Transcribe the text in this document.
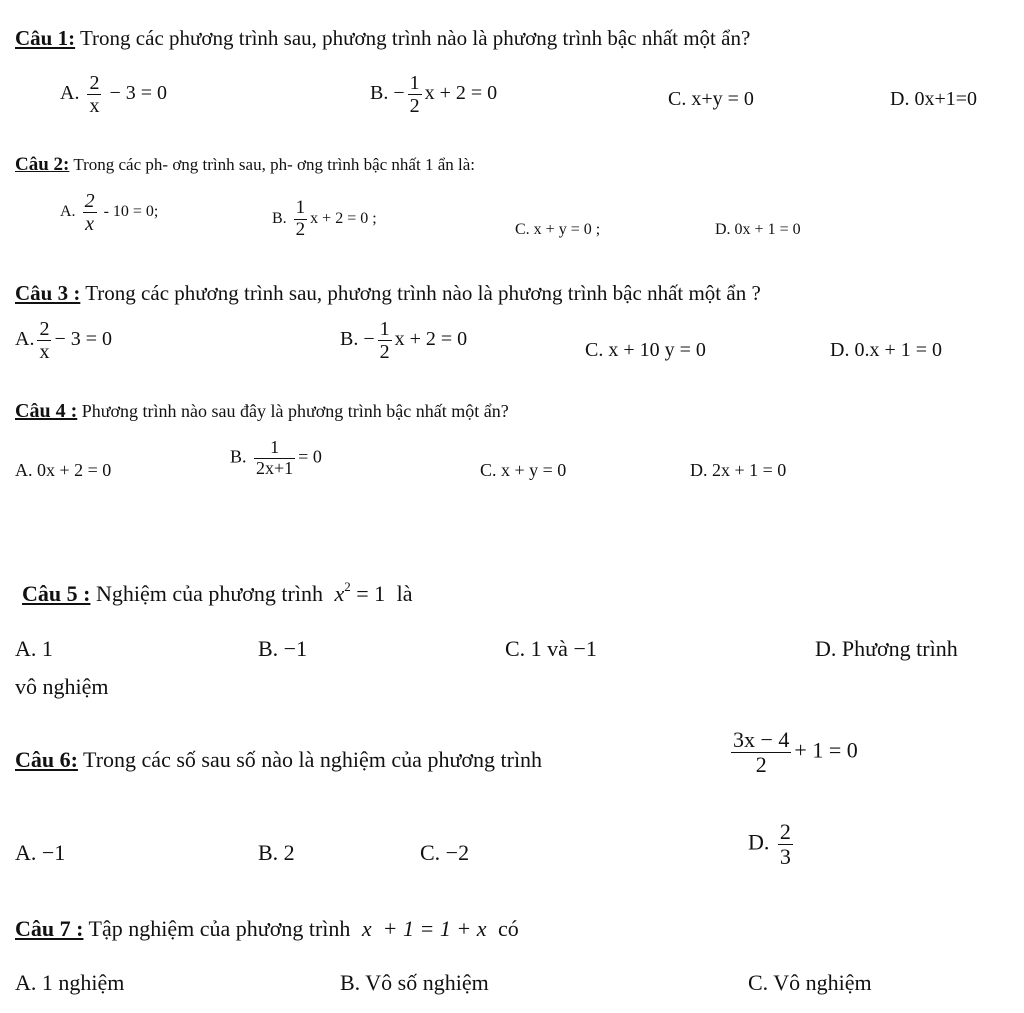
Câu 1: Trong các phương trình sau, phương trình nào là phương trình bậc nhất một ẩn?
A. $\frac{2}{x} - 3 = 0$	B. − $\frac{1}{2}$ x + 2 = 0	C. x+y = 0	D. 0x+1=0
Câu 2: Trong các ph- ơng trình sau, ph- ơng trình bậc nhất 1 ẩn là:
A. $\frac{2}{x} - 10 = 0$;	B. $\frac{1}{2}$ x + 2 = 0 ;
C. x + y = 0 ;	D. 0x + 1 = 0
Câu 3 : Trong các phương trình sau, phương trình nào là phương trình bậc nhất một ẩn ?
A. $\frac{2}{x} - 3 = 0$	B. − $\frac{1}{2}$ x + 2 = 0	C. x + 10 y = 0	D. 0.x + 1 = 0
Câu 4 : Phương trình nào sau đây là phương trình bậc nhất một ẩn?
A. 0x + 2 = 0
B. $\frac{1}{2x+1} = 0$
C. x + y = 0	D. 2x + 1 = 0
Câu 5 : Nghiệm của phương trình $x^2 = 1$ là
A. 1	B. −1	C. 1 và −1	D. Phương trình
vô nghiệm
Câu 6: Trong các số sau số nào là nghiệm của phương trình	$\frac{3x - 4}{2} + 1 = 0$
A. −1	B. 2	C. −2	D. $\frac{2}{3}$
Câu 7 : Tập nghiệm của phương trình x  + 1 = 1 + x có
A. 1 nghiệm	B. Vô số nghiệm	C. Vô nghiệm
